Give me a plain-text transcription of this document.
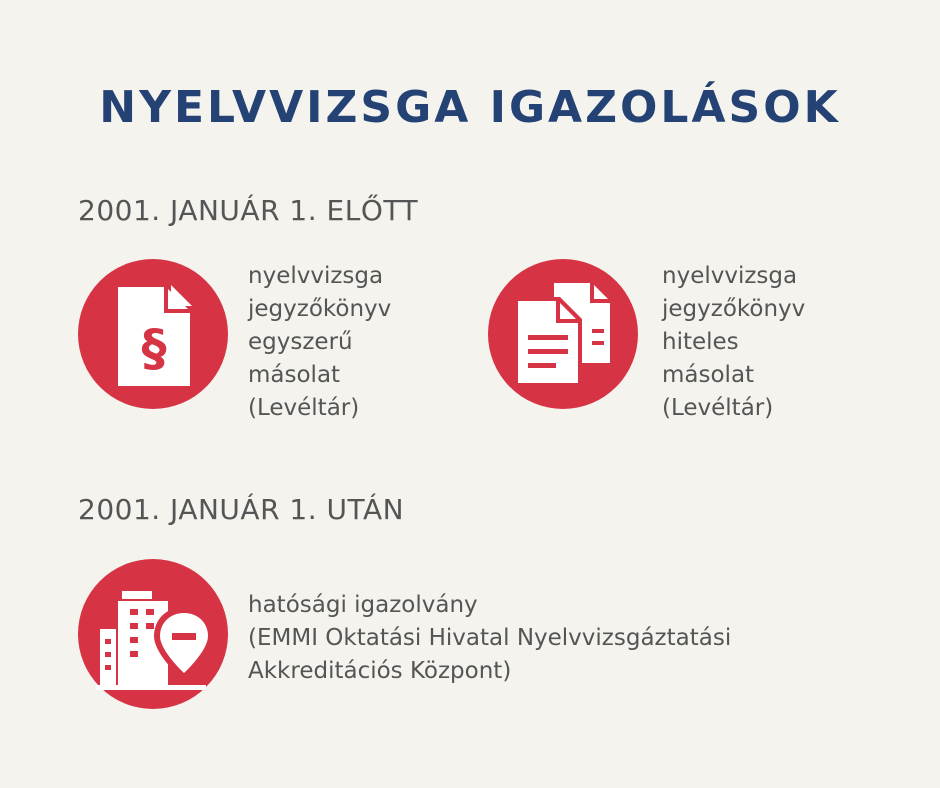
NYELVVIZSGA IGAZOLÁSOK
2001. JANUÁR 1. ELŐTT
§
nyelvvizsga
jegyzőkönyv
egyszerű
másolat
(Levéltár)
nyelvvizsga
jegyzőkönyv
hiteles
másolat
(Levéltár)
2001. JANUÁR 1. UTÁN
hatósági igazolvány
(EMMI Oktatási Hivatal Nyelvvizsgáztatási
Akkreditációs Központ)
